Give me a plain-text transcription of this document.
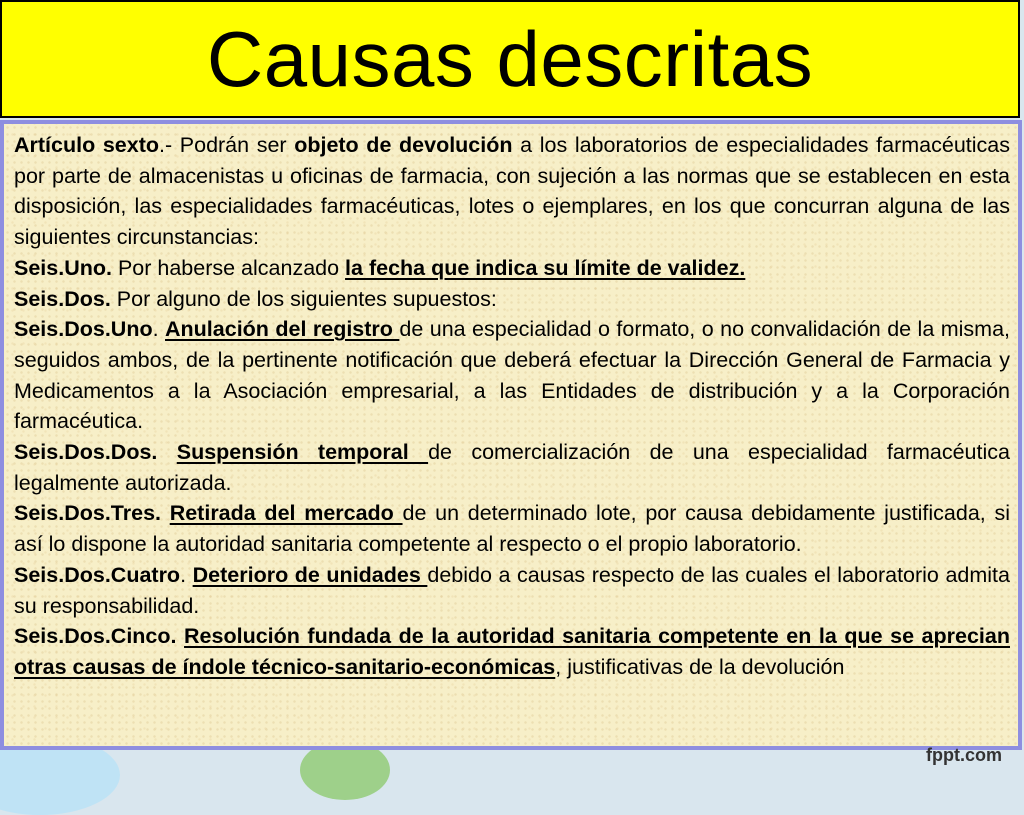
Causas descritas

Artículo sexto.- Podrán ser objeto de devolución a los laboratorios de especialidades farmacéuticas por parte de almacenistas u oficinas de farmacia, con sujeción a las normas que se establecen en esta disposición, las especialidades farmacéuticas, lotes o ejemplares, en los que concurran alguna de las siguientes circunstancias:

Seis.Uno. Por haberse alcanzado la fecha que indica su límite de validez.

Seis.Dos. Por alguno de los siguientes supuestos:

Seis.Dos.Uno. Anulación del registro de una especialidad o formato, o no convalidación de la misma, seguidos ambos, de la pertinente notificación que deberá efectuar la Dirección General de Farmacia y Medicamentos a la Asociación empresarial, a las Entidades de distribución y a la Corporación farmacéutica.

Seis.Dos.Dos. Suspensión temporal de comercialización de una especialidad farmacéutica legalmente autorizada.

Seis.Dos.Tres. Retirada del mercado de un determinado lote, por causa debidamente justificada, si así lo dispone la autoridad sanitaria competente al respecto o el propio laboratorio.

Seis.Dos.Cuatro. Deterioro de unidades debido a causas respecto de las cuales el laboratorio admita su responsabilidad.

Seis.Dos.Cinco. Resolución fundada de la autoridad sanitaria competente en la que se aprecian otras causas de índole técnico-sanitario-económicas, justificativas de la devolución

fppt.com
